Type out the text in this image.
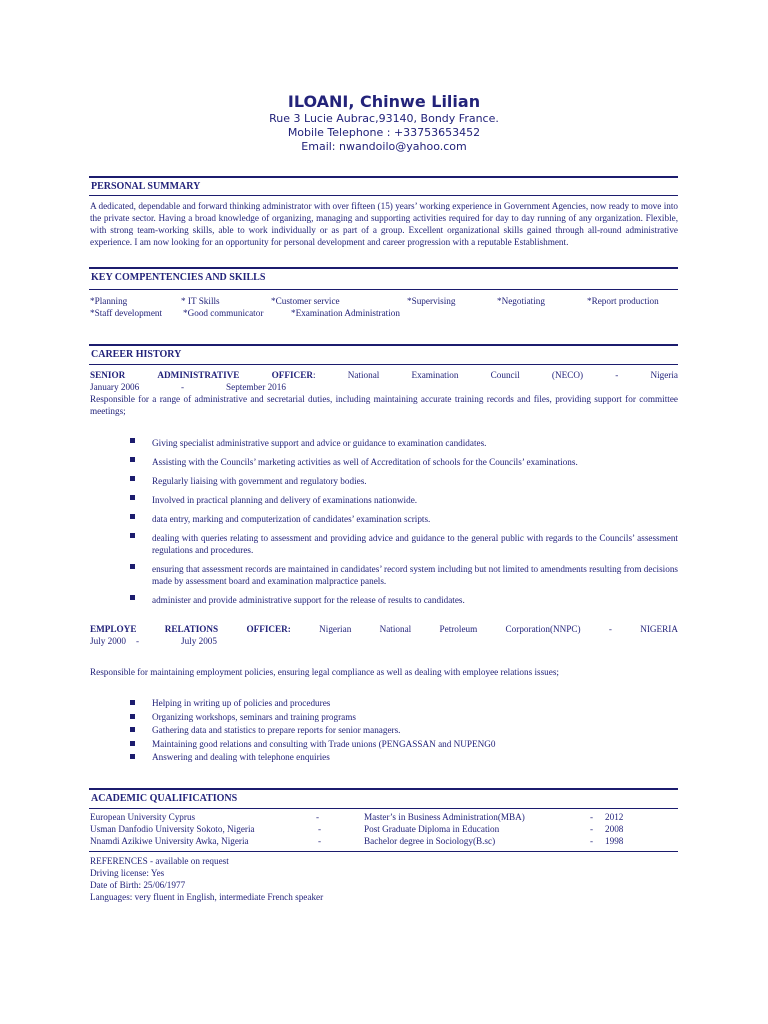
ILOANI, Chinwe Lilian
Rue 3 Lucie Aubrac,93140, Bondy France.
Mobile Telephone : +33753653452
Email: nwandoilo@yahoo.com
PERSONAL SUMMARY
A dedicated, dependable and forward thinking administrator with over fifteen (15) years’ working experience in Government Agencies, now ready to move into the private sector. Having a broad knowledge of organizing, managing and supporting activities required for day to day running of any organization. Flexible, with strong team-working skills, able to work individually or as part of a group. Excellent organizational skills gained through all-round administrative experience. I am now looking for an opportunity for personal development and career progression with a reputable Establishment.
KEY COMPENTENCIES AND SKILLS
*Planning	* IT Skills	*Customer service	*Supervising	*Negotiating	*Report production
*Staff development *Good communicator	*Examination Administration
CAREER HISTORY
SENIOR	ADMINISTRATIVE	OFFICER:	National	Examination	Council	(NECO)	-	Nigeria
January 2006	-	September 2016
Responsible for a range of administrative and secretarial duties, including maintaining accurate training records and files, providing support for committee meetings;
Giving specialist administrative support and advice or guidance to examination candidates.
Assisting with the Councils’ marketing activities as well of Accreditation of schools for the Councils’ examinations.
Regularly liaising with government and regulatory bodies.
Involved in practical planning and delivery of examinations nationwide.
data entry, marking and computerization of candidates’ examination scripts.
dealing with queries relating to assessment and providing advice and guidance to the general public with regards to the Councils’ assessment regulations and procedures.
ensuring that assessment records are maintained in candidates’ record system including but not limited to amendments resulting from decisions made by assessment board and examination malpractice panels.
administer and provide administrative support for the release of results to candidates.
EMPLOYE	RELATIONS	OFFICER:	Nigerian	National	Petroleum	Corporation(NNPC)	-	NIGERIA
July 2000 -	July 2005
Responsible for maintaining employment policies, ensuring legal compliance as well as dealing with employee relations issues;
Helping in writing up of policies and procedures
Organizing workshops, seminars and training programs
Gathering data and statistics to prepare reports for senior managers.
Maintaining good relations and consulting with Trade unions (PENGASSAN and NUPENG0
Answering and dealing with telephone enquiries
ACADEMIC QUALIFICATIONS
European University Cyprus	-	Master’s in Business Administration(MBA)	- 2012
Usman Danfodio University Sokoto, Nigeria	-	Post Graduate Diploma in Education	- 2008
Nnamdi Azikiwe University Awka, Nigeria	-	Bachelor degree in Sociology(B.sc)	- 1998
REFERENCES - available on request
Driving license: Yes
Date of Birth: 25/06/1977
Languages: very fluent in English, intermediate French speaker
